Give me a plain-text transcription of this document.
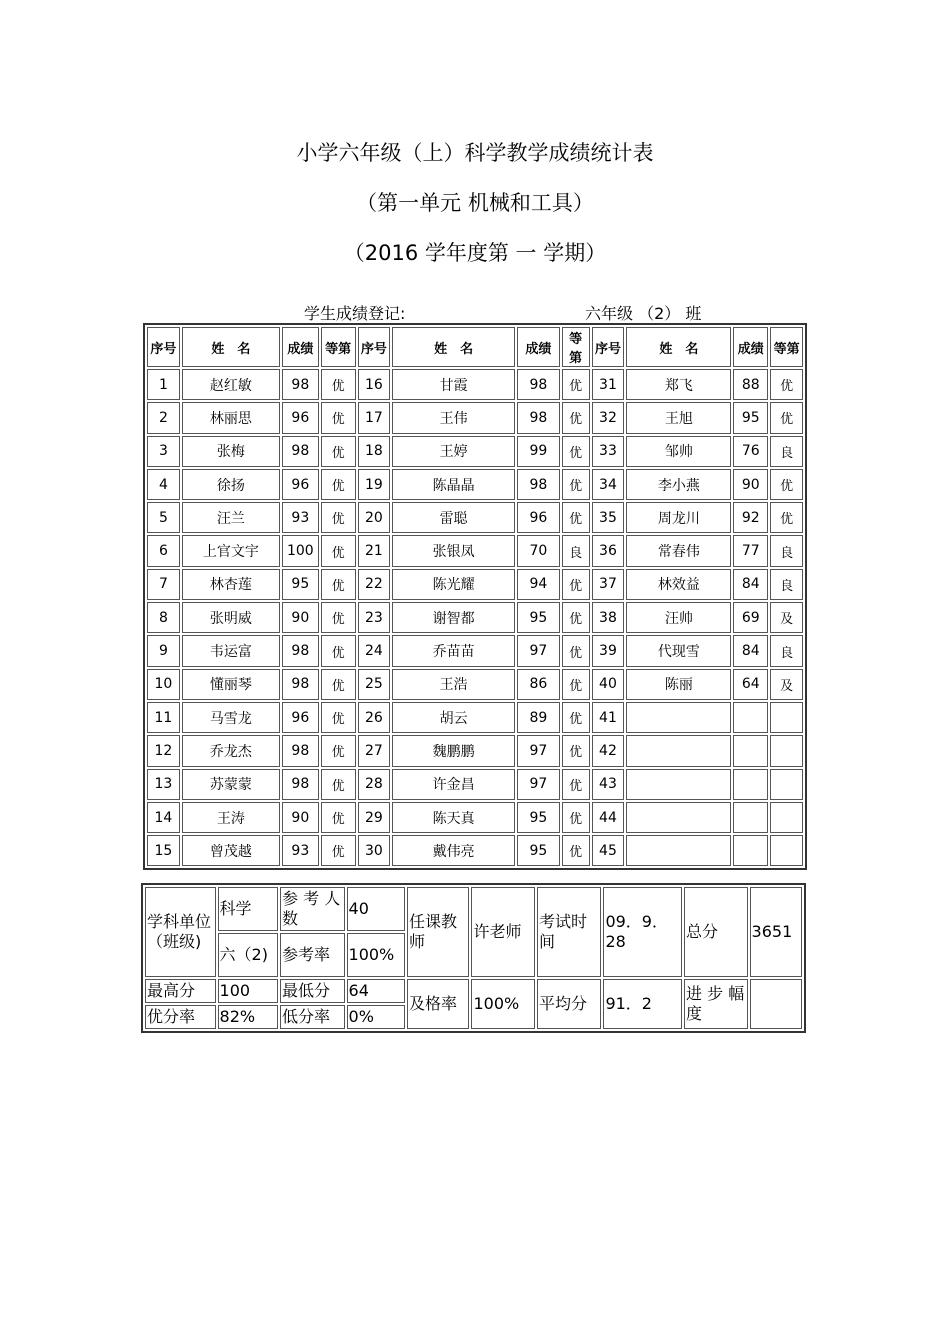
小学六年级（上）科学教学成绩统计表
（第一单元 机械和工具）
（2016 学年度第 一 学期）
学生成绩登记:	六年级 （2） 班
序号	姓　名	成绩	等第	序号	姓　名	成绩	等第	序号	姓　名	成绩	等第
1	赵红敏	98	优	16	甘霞	98	优	31	郑飞	88	优
2	林丽思	96	优	17	王伟	98	优	32	王旭	95	优
3	张梅	98	优	18	王婷	99	优	33	邹帅	76	良
4	徐扬	96	优	19	陈晶晶	98	优	34	李小燕	90	优
5	汪兰	93	优	20	雷聪	96	优	35	周龙川	92	优
6	上官文宇	100	优	21	张银凤	70	良	36	常春伟	77	良
7	林杏莲	95	优	22	陈光耀	94	优	37	林效益	84	良
8	张明威	90	优	23	谢智都	95	优	38	汪帅	69	及
9	韦运富	98	优	24	乔苗苗	97	优	39	代现雪	84	良
10	懂丽琴	98	优	25	王浩	86	优	40	陈丽	64	及
11	马雪龙	96	优	26	胡云	89	优	41			
12	乔龙杰	98	优	27	魏鹏鹏	97	优	42			
13	苏蒙蒙	98	优	28	许金昌	97	优	43			
14	王涛	90	优	29	陈天真	95	优	44			
15	曾茂越	93	优	30	戴伟亮	95	优	45			
学科单位（班级)	科学	参 考 人数	40	任课教师	许老师	考试时间	09．9．28	总分	3651
	六（2)	参考率	100%						
最高分	100	最低分	64	及格率	100%	平均分	91．2	进 步 幅度	
优分率	82%	低分率	0%						
